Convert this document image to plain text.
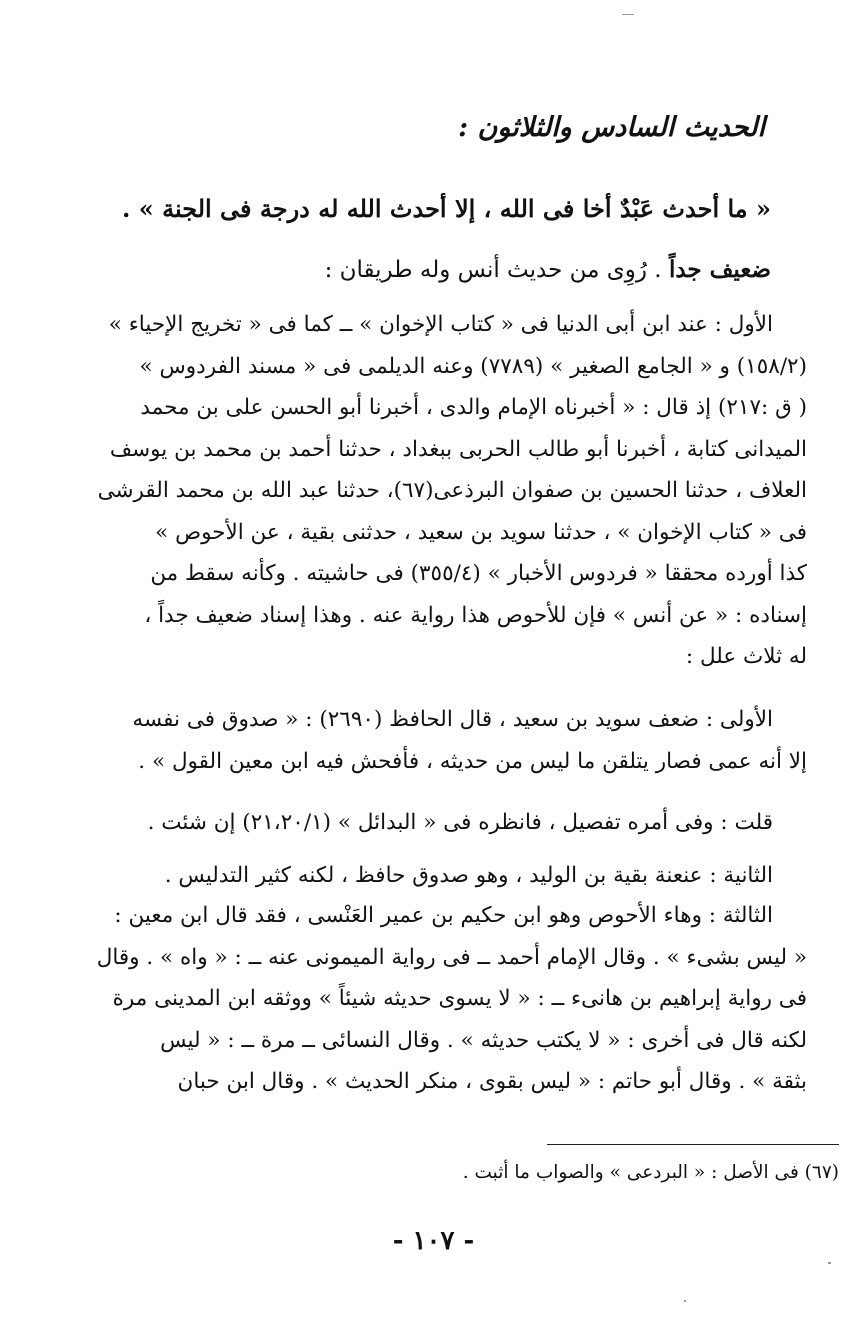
الحديث السادس والثلاثون :
« ما أحدث عَبْدٌ أخا فى الله ، إلا أحدث الله له درجة فى الجنة » .
ضعيف جداً . رُوِى من حديث أنس وله طريقان :
الأول : عند ابن أبى الدنيا فى « كتاب الإخوان » ــ كما فى « تخريج الإحياء »
(١٥٨/٢) و « الجامع الصغير » (٧٧٨٩) وعنه الديلمى فى « مسند الفردوس »
( ق :٢١٧) إذ قال : « أخبرناه الإمام والدى ، أخبرنا أبو الحسن على بن محمد
الميدانى كتابة ، أخبرنا أبو طالب الحربى ببغداد ، حدثنا أحمد بن محمد بن يوسف
العلاف ، حدثنا الحسين بن صفوان البرذعى(٦٧)، حدثنا عبد الله بن محمد القرشى
فى « كتاب الإخوان » ، حدثنا سويد بن سعيد ، حدثنى بقية ، عن الأحوص »
كذا أورده محققا « فردوس الأخبار » (٣٥٥/٤) فى حاشيته . وكأنه سقط من
إسناده : « عن أنس » فإن للأحوص هذا رواية عنه . وهذا إسناد ضعيف جداً ،
له ثلاث علل :
الأولى : ضعف سويد بن سعيد ، قال الحافظ (٢٦٩٠) : « صدوق فى نفسه
إلا أنه عمى فصار يتلقن ما ليس من حديثه ، فأفحش فيه ابن معين القول » .
قلت : وفى أمره تفصيل ، فانظره فى « البدائل » (٢١،٢٠/١) إن شئت .
الثانية : عنعنة بقية بن الوليد ، وهو صدوق حافظ ، لكنه كثير التدليس .
الثالثة : وهاء الأحوص وهو ابن حكيم بن عمير العَنْسى ، فقد قال ابن معين :
« ليس بشىء » . وقال الإمام أحمد ــ فى رواية الميمونى عنه ــ : « واه » . وقال
فى رواية إبراهيم بن هانىء ــ : « لا يسوى حديثه شيئاً » ووثقه ابن المدينى مرة
لكنه قال فى أخرى : « لا يكتب حديثه » . وقال النسائى ــ مرة ــ : « ليس
بثقة » . وقال أبو حاتم : « ليس بقوى ، منكر الحديث » . وقال ابن حبان
(٦٧) فى الأصل : « البردعى » والصواب ما أثبت .
- ١٠٧ -
